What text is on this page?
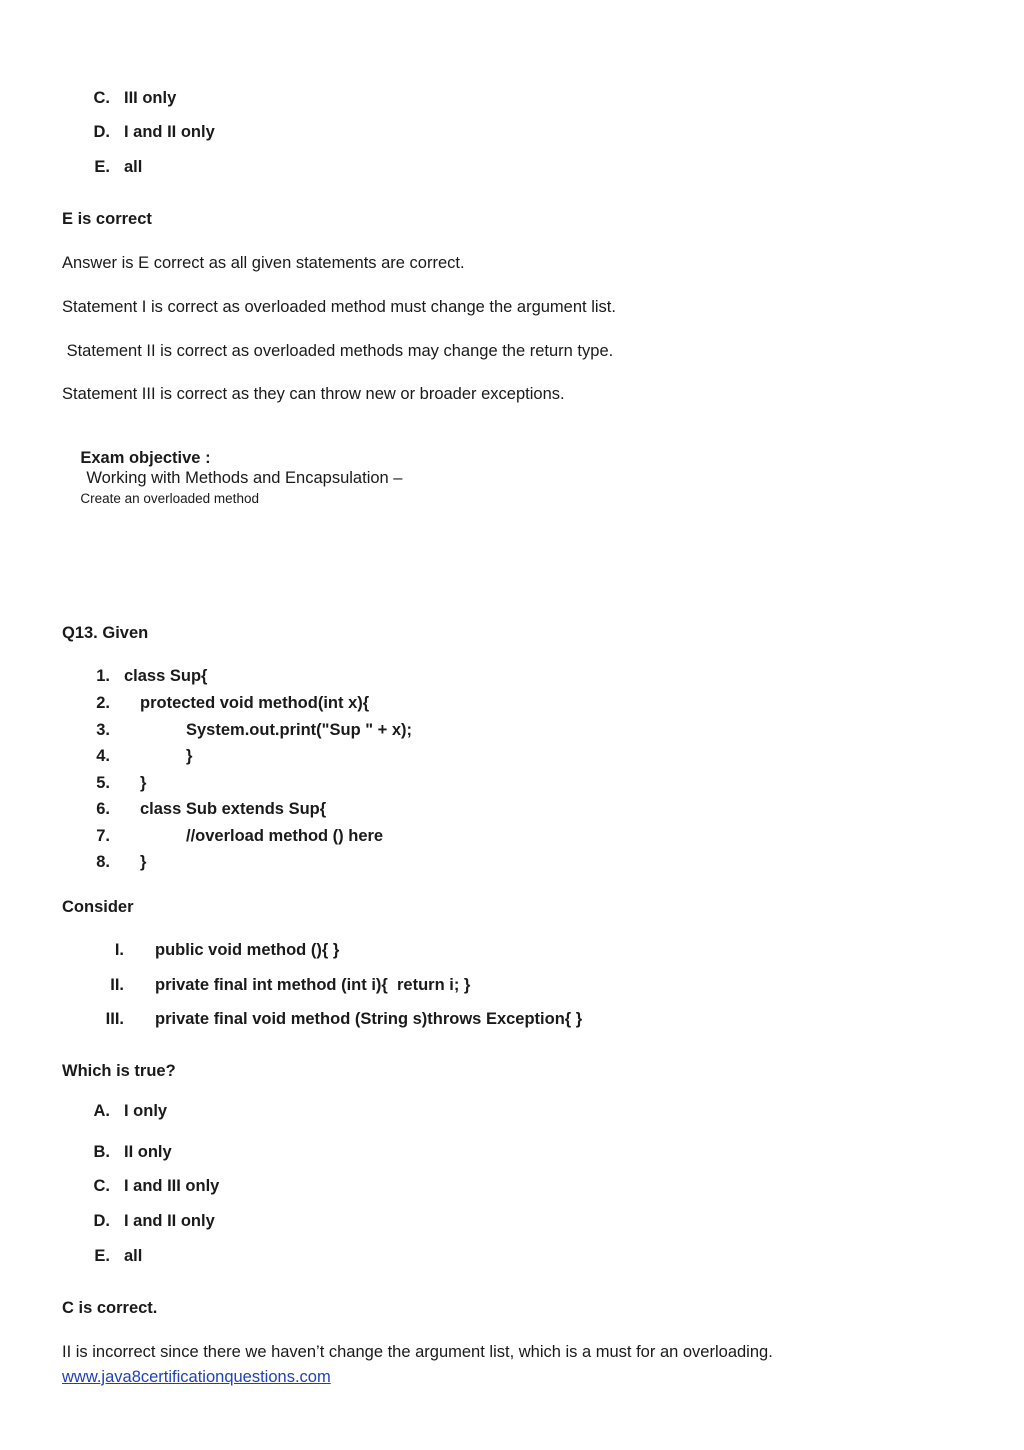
C. III only
D. I and II only
E. all
E is correct
Answer is E correct as all given statements are correct.
Statement I is correct as overloaded method must change the argument list.
Statement II is correct as overloaded methods may change the return type.
Statement III is correct as they can throw new or broader exceptions.

Exam objective :
Working with Methods and Encapsulation –
Create an overloaded method

Q13. Given
1. class Sup{
2. protected void method(int x){
3.	System.out.print("Sup " + x);
4.	}
5. }
6. class Sub extends Sup{
7.	//overload method () here
8. }
Consider
I. public void method (){ }
II. private final int method (int i){  return i; }
III. private final void method (String s)throws Exception{ }
Which is true?
A. I only
B. II only
C. I and III only
D. I and II only
E. all
C is correct.
II is incorrect since there we haven’t change the argument list, which is a must for an overloading.
www.java8certificationquestions.com
